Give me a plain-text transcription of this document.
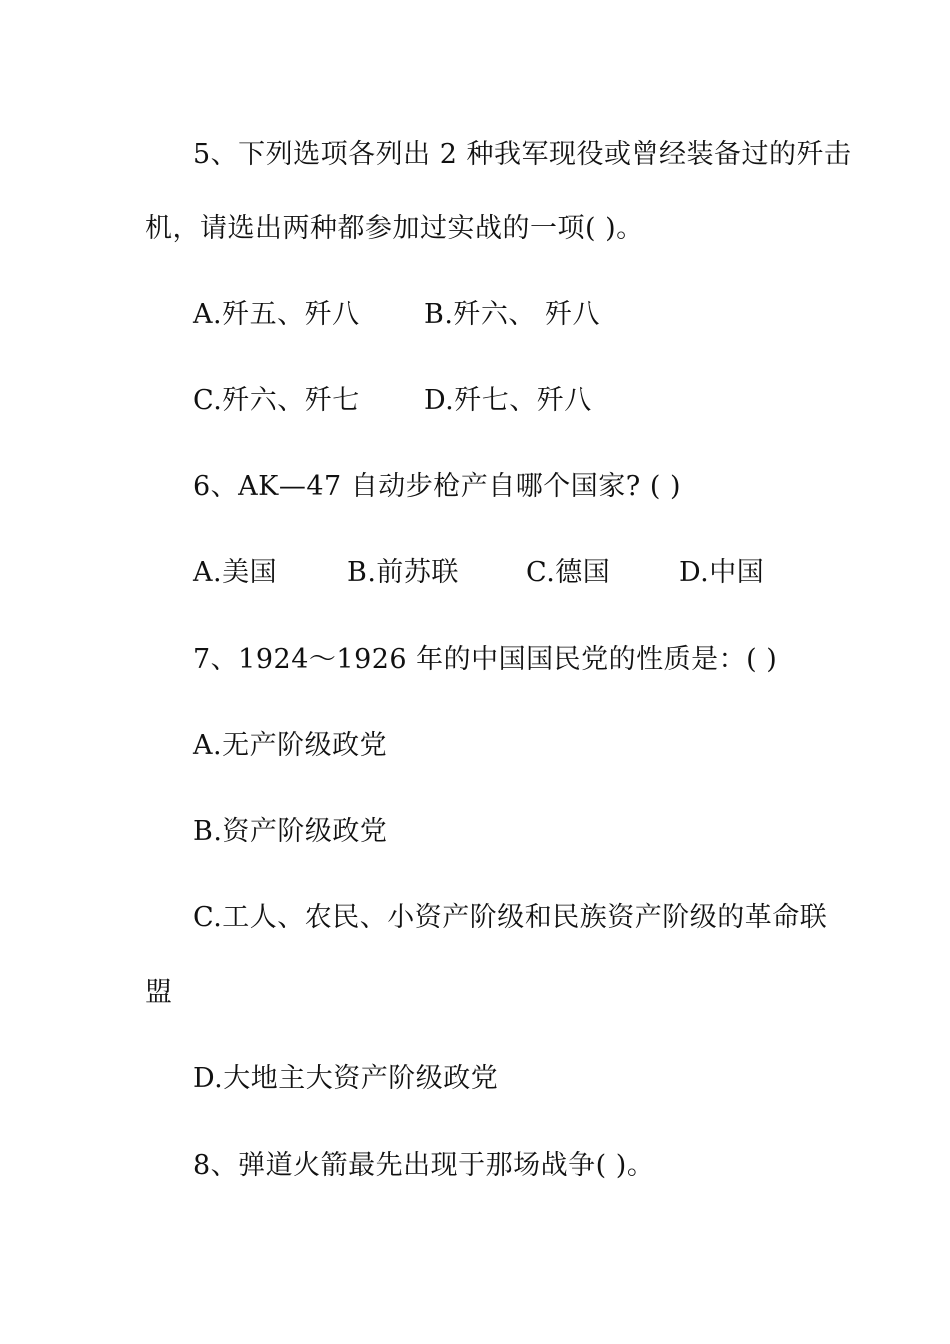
5、下列选项各列出 2 种我军现役或曾经装备过的歼击
机，请选出两种都参加过实战的一项( )。
A.歼五、歼八 B.歼六、 歼八
C.歼六、歼七 D.歼七、歼八
6、AK—47 自动步枪产自哪个国家? ( )
A.美国	B.前苏联 C.德国	D.中国
7、1924～1926 年的中国国民党的性质是：( )
A.无产阶级政党
B.资产阶级政党
C.工人、农民、小资产阶级和民族资产阶级的革命联
盟
D.大地主大资产阶级政党
8、弹道火箭最先出现于那场战争( )。
